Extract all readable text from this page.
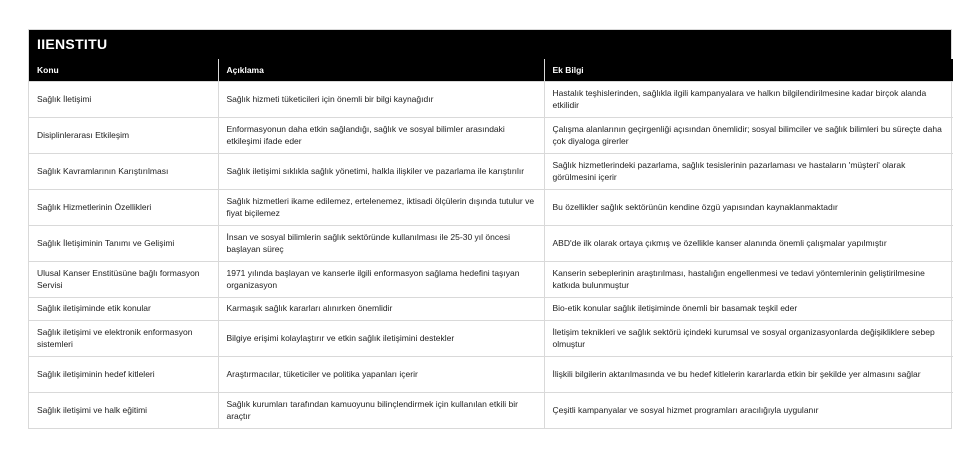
IIENSTITU
Konu	Açıklama	Ek Bilgi
Sağlık İletişimi	Sağlık hizmeti tüketicileri için önemli bir bilgi kaynağıdır	Hastalık teşhislerinden, sağlıkla ilgili kampanyalara ve halkın bilgilendirilmesine kadar birçok alanda etkilidir
Disiplinlerarası Etkileşim	Enformasyonun daha etkin sağlandığı, sağlık ve sosyal bilimler arasındaki etkileşimi ifade eder	Çalışma alanlarının geçirgenliği açısından önemlidir; sosyal bilimciler ve sağlık bilimleri bu süreçte daha çok diyaloga girerler
Sağlık Kavramlarının Karıştırılması	Sağlık iletişimi sıklıkla sağlık yönetimi, halkla ilişkiler ve pazarlama ile karıştırılır	Sağlık hizmetlerindeki pazarlama, sağlık tesislerinin pazarlaması ve hastaların 'müşteri' olarak görülmesini içerir
Sağlık Hizmetlerinin Özellikleri	Sağlık hizmetleri ikame edilemez, ertelenemez, iktisadi ölçülerin dışında tutulur ve fiyat biçilemez	Bu özellikler sağlık sektörünün kendine özgü yapısından kaynaklanmaktadır
Sağlık İletişiminin Tanımı ve Gelişimi	İnsan ve sosyal bilimlerin sağlık sektöründe kullanılması ile 25-30 yıl öncesi başlayan süreç	ABD'de ilk olarak ortaya çıkmış ve özellikle kanser alanında önemli çalışmalar yapılmıştır
Ulusal Kanser Enstitüsüne bağlı formasyon Servisi	1971 yılında başlayan ve kanserle ilgili enformasyon sağlama hedefini taşıyan organizasyon	Kanserin sebeplerinin araştırılması, hastalığın engellenmesi ve tedavi yöntemlerinin geliştirilmesine katkıda bulunmuştur
Sağlık iletişiminde etik konular	Karmaşık sağlık kararları alınırken önemlidir	Bio-etik konular sağlık iletişiminde önemli bir basamak teşkil eder
Sağlık iletişimi ve elektronik enformasyon sistemleri	Bilgiye erişimi kolaylaştırır ve etkin sağlık iletişimini destekler	İletişim teknikleri ve sağlık sektörü içindeki kurumsal ve sosyal organizasyonlarda değişikliklere sebep olmuştur
Sağlık iletişiminin hedef kitleleri	Araştırmacılar, tüketiciler ve politika yapanları içerir	İlişkili bilgilerin aktarılmasında ve bu hedef kitlelerin kararlarda etkin bir şekilde yer almasını sağlar
Sağlık iletişimi ve halk eğitimi	Sağlık kurumları tarafından kamuoyunu bilinçlendirmek için kullanılan etkili bir araçtır	Çeşitli kampanyalar ve sosyal hizmet programları aracılığıyla uygulanır
